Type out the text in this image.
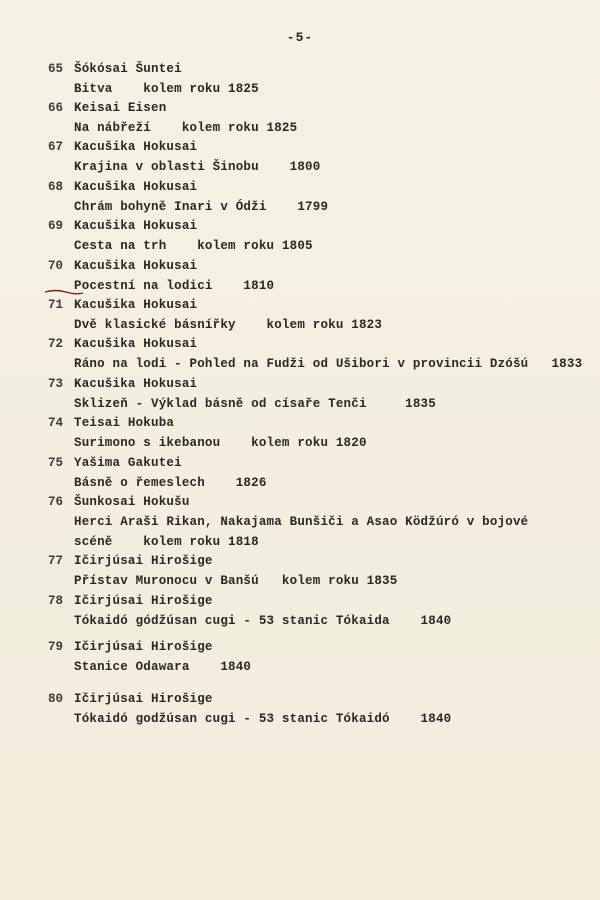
-5-
65 Šókósai Šuntei
Bitva    kolem roku 1825
66 Keisai Eisen
Na nábřeží    kolem roku 1825
67 Kacušika Hokusai
Krajina v oblasti Šinobu    1800
68 Kacušika Hokusai
Chrám bohyně Inari v Ódži    1799
69 Kacušika Hokusai
Cesta na trh    kolem roku 1805
70 Kacušika Hokusai
Pocestní na lodici    1810
71 Kacušika Hokusai
Dvě klasické básnířky    kolem roku 1823
72 Kacušika Hokusai
Ráno na lodi - Pohled na Fudži od Ušibori v provincii Dzóšú   1833
73 Kacušika Hokusai
Sklizeň - Výklad básně od císaře Tenči     1835
74 Teisai Hokuba
Surimono s ikebanou    kolem roku 1820
75 Yašima Gakutei
Básně o řemeslech    1826
76 Šunkosai Hokušu
Herci Araši Rikan, Nakajama Bunšiči a Asao Ködžúró v bojové
scéně    kolem roku 1818
77 Ičirjúsai Hirošige
Přístav Muronocu v Banšú   kolem roku 1835
78 Ičirjúsai Hirošige
Tókaidó gódžúsan cugi - 53 stanic Tókaida    1840
79 Ičirjúsai Hirošige
Stanice Odawara    1840
80 Ičirjúsai Hirošige
Tókaidó godžúsan cugi - 53 stanic Tókaidó    1840
